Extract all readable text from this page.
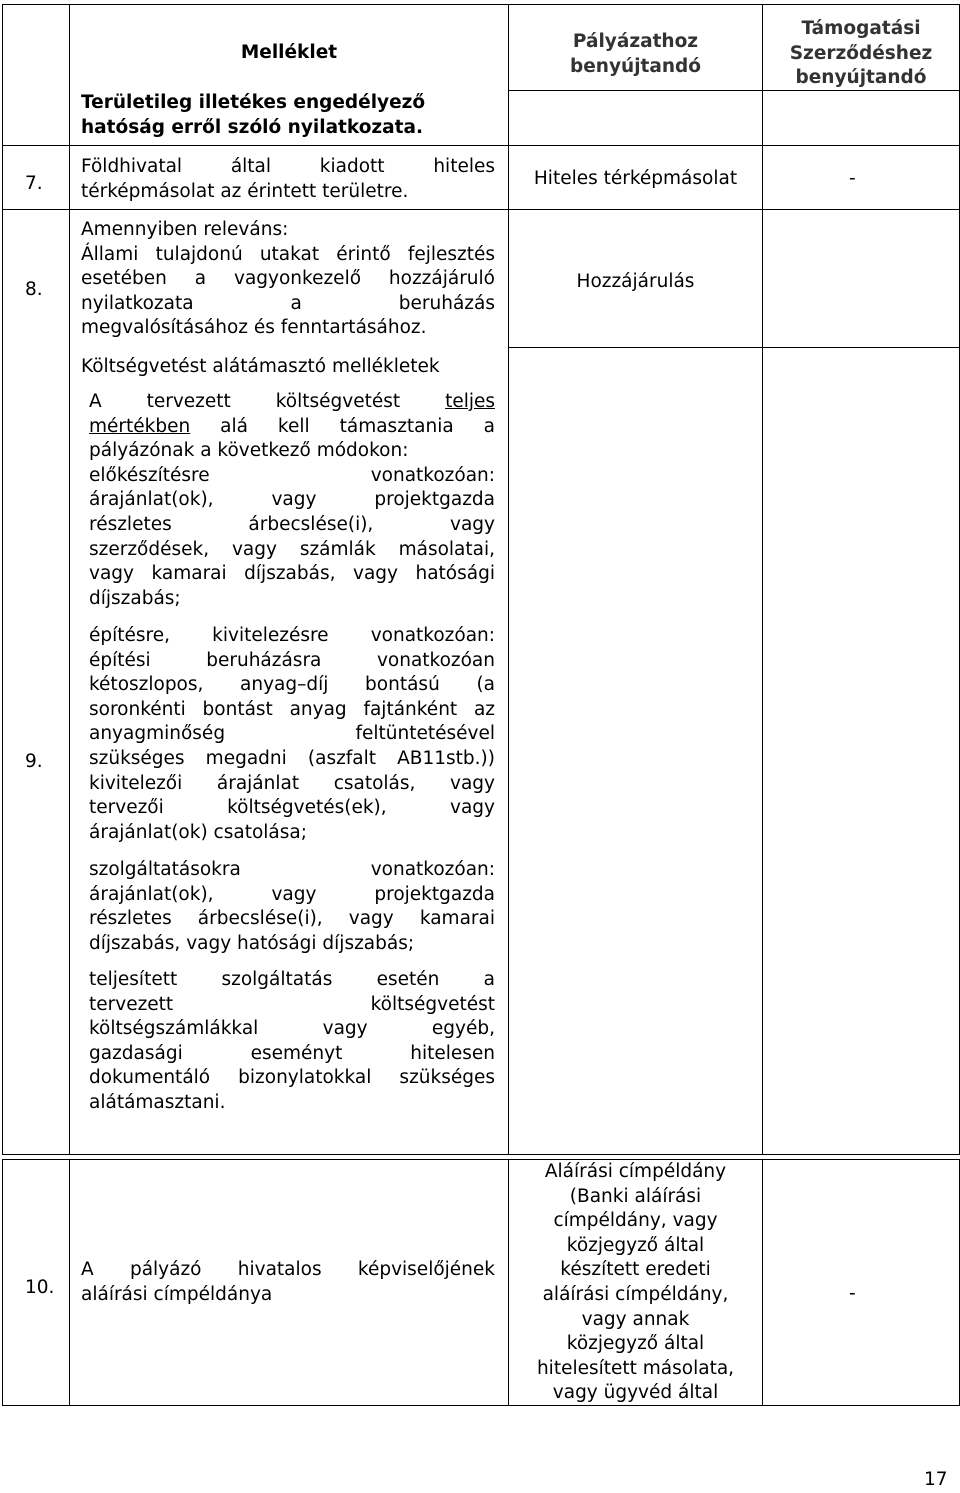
Melléklet
Pályázathoz
benyújtandó
Támogatási
Szerződéshez
benyújtandó
Területileg illetékes engedélyező
hatóság erről szóló nyilatkozata.
7.
Földhivatal által kiadott hiteles
térképmásolat az érintett területre.
Hiteles térképmásolat	-
8.
Amennyiben releváns:
Állami tulajdonú utakat érintő fejlesztés
esetében a vagyonkezelő hozzájáruló
nyilatkozata a beruházás
megvalósításához és fenntartásához.
Hozzájárulás
9.
Költségvetést alátámasztó mellékletek
A tervezett költségvetést teljes
mértékben alá kell támasztania a
pályázónak a következő módokon:
előkészítésre vonatkozóan:
árajánlat(ok), vagy projektgazda
részletes árbecslése(i), vagy
szerződések, vagy számlák másolatai,
vagy kamarai díjszabás, vagy hatósági
díjszabás;
építésre, kivitelezésre vonatkozóan:
építési beruházásra vonatkozóan
kétoszlopos, anyag–díj bontású (a
soronkénti bontást anyag fajtánként az
anyagminőség feltüntetésével
szükséges megadni (aszfalt AB11stb.))
kivitelezői árajánlat csatolás, vagy
tervezői költségvetés(ek), vagy
árajánlat(ok) csatolása;
szolgáltatásokra vonatkozóan:
árajánlat(ok), vagy projektgazda
részletes árbecslése(i), vagy kamarai
díjszabás, vagy hatósági díjszabás;
teljesített szolgáltatás esetén a
tervezett költségvetést
költségszámlákkal vagy egyéb,
gazdasági eseményt hitelesen
dokumentáló bizonylatokkal szükséges
alátámasztani.
10.
A pályázó hivatalos képviselőjének
aláírási címpéldánya
Aláírási címpéldány
(Banki aláírási
címpéldány, vagy
közjegyző által
készített eredeti
aláírási címpéldány,
vagy annak
közjegyző által
hitelesített másolata,
vagy ügyvéd által
-
17
